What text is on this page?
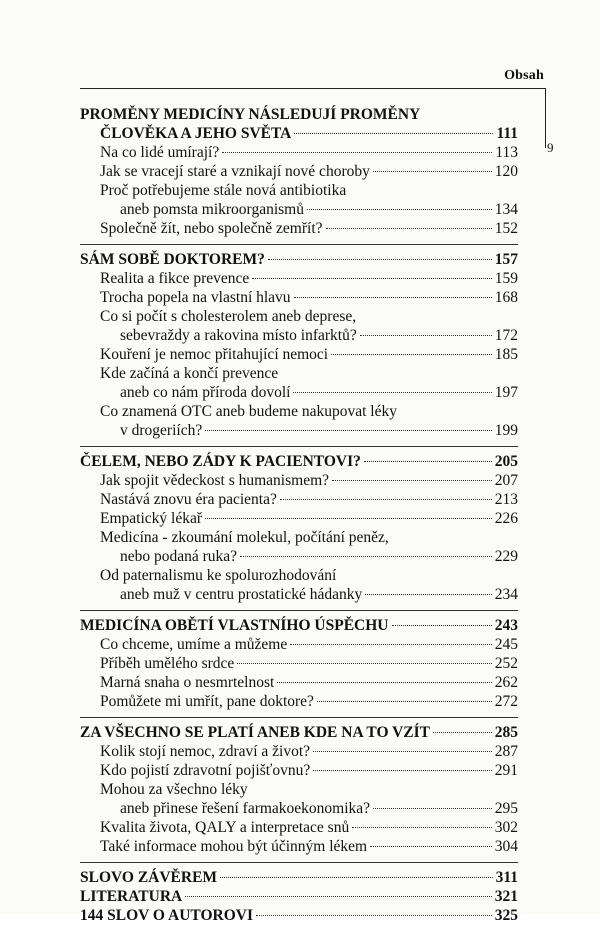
Obsah
9
PROMĚNY MEDICÍNY NÁSLEDUJÍ PROMĚNY
ČLOVĚKA A JEHO SVĚTA	111
Na co lidé umírají?	113
Jak se vracejí staré a vznikají nové choroby	120
Proč potřebujeme stále nová antibiotika
aneb pomsta mikroorganismů	134
Společně žít, nebo společně zemřít?	152
SÁM SOBĚ DOKTOREM?	157
Realita a fikce prevence	159
Trocha popela na vlastní hlavu	168
Co si počít s cholesterolem aneb deprese,
sebevraždy a rakovina místo infarktů?	172
Kouření je nemoc přitahující nemoci	185
Kde začíná a končí prevence
aneb co nám příroda dovolí	197
Co znamená OTC aneb budeme nakupovat léky
v drogeriích?	199
ČELEM, NEBO ZÁDY K PACIENTOVI?	205
Jak spojit vědeckost s humanismem?	207
Nastává znovu éra pacienta?	213
Empatický lékař	226
Medicína - zkoumání molekul, počítání peněz,
nebo podaná ruka?	229
Od paternalismu ke spolurozhodování
aneb muž v centru prostatické hádanky	234
MEDICÍNA OBĚTÍ VLASTNÍHO ÚSPĚCHU	243
Co chceme, umíme a můžeme	245
Příběh umělého srdce	252
Marná snaha o nesmrtelnost	262
Pomůžete mi umřít, pane doktore?	272
ZA VŠECHNO SE PLATÍ ANEB KDE NA TO VZÍT	285
Kolik stojí nemoc, zdraví a život?	287
Kdo pojistí zdravotní pojišťovnu?	291
Mohou za všechno léky
aneb přinese řešení farmakoekonomika?	295
Kvalita života, QALY a interpretace snů	302
Také informace mohou být účinným lékem	304
SLOVO ZÁVĚREM	311
LITERATURA	321
144 SLOV O AUTOROVI	325
